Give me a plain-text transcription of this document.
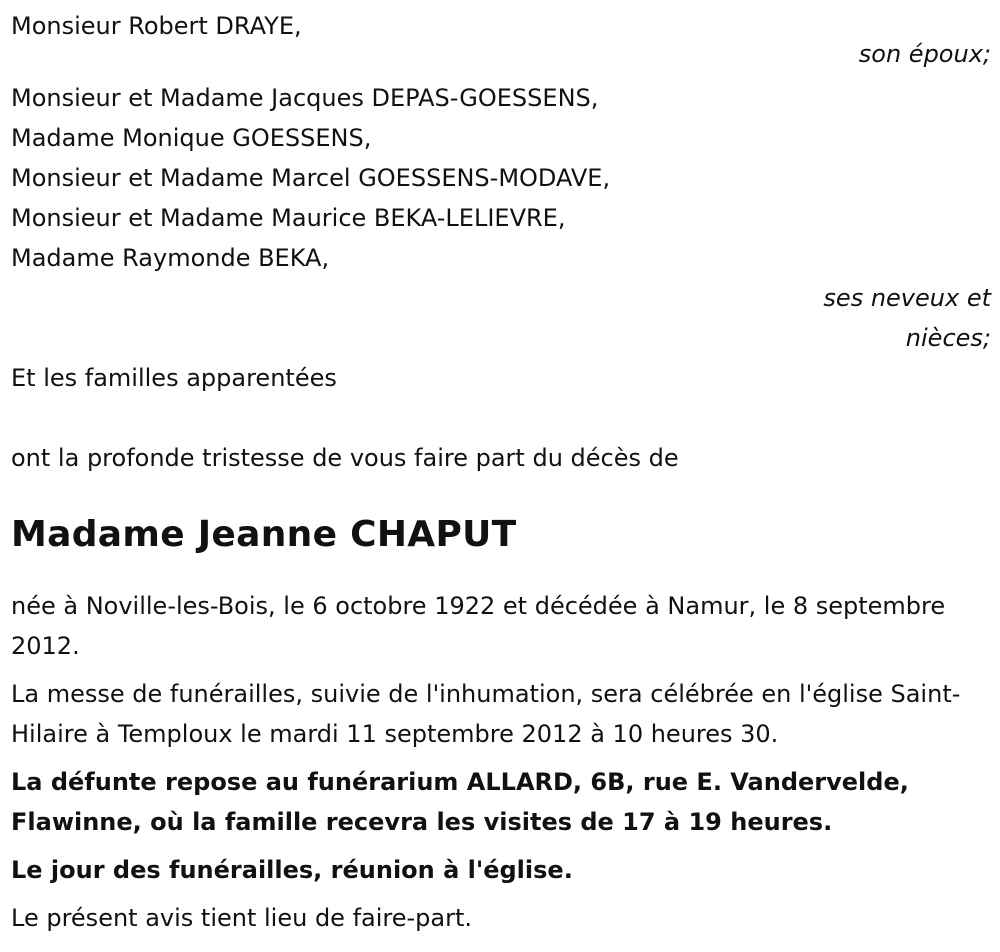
Monsieur Robert DRAYE,

son époux;

Monsieur et Madame Jacques DEPAS-GOESSENS,

Madame Monique GOESSENS,

Monsieur et Madame Marcel GOESSENS-MODAVE,

Monsieur et Madame Maurice BEKA-LELIEVRE,

Madame Raymonde BEKA,

ses neveux et
nièces;

Et les familles apparentées

ont la profonde tristesse de vous faire part du décès de

Madame Jeanne CHAPUT

née à Noville-les-Bois, le 6 octobre 1922 et décédée à Namur, le 8 septembre 2012.

La messe de funérailles, suivie de l'inhumation, sera célébrée en l'église Saint-Hilaire à Temploux le mardi 11 septembre 2012 à 10 heures 30.

La défunte repose au funérarium ALLARD, 6B, rue E. Vandervelde, Flawinne, où la famille recevra les visites de 17 à 19 heures.

Le jour des funérailles, réunion à l'église.

Le présent avis tient lieu de faire-part.
